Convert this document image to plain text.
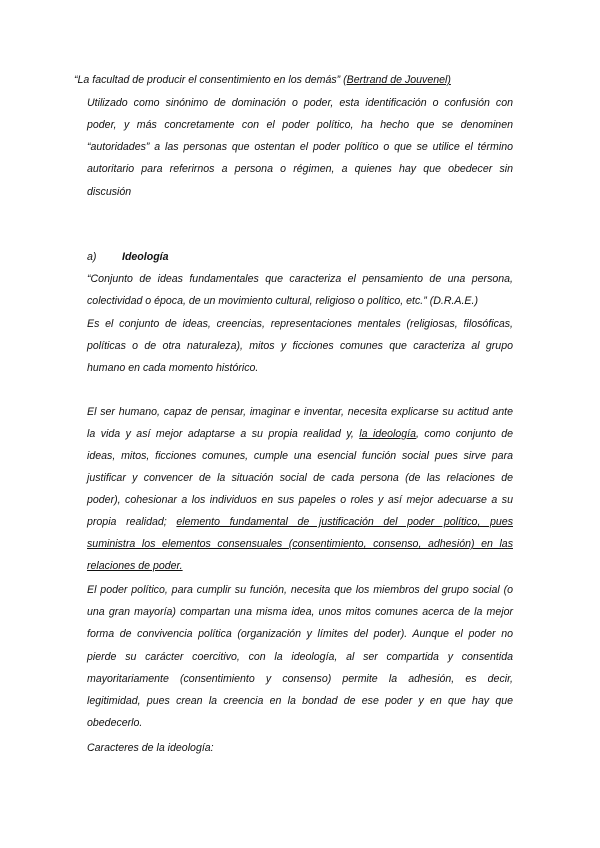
“La facultad de producir el consentimiento en los demás” (Bertrand de Jouvenel)
Utilizado como sinónimo de dominación o poder, esta identificación o confusión con
poder, y más concretamente con el poder político, ha hecho que se denominen
“autoridades” a las personas que ostentan el poder político o que se utilice el término
autoritario para referirnos a persona o régimen, a quienes hay que obedecer sin
discusión
a) Ideología
“Conjunto de ideas fundamentales que caracteriza el pensamiento de una persona,
colectividad o época, de un movimiento cultural, religioso o político, etc.” (D.R.A.E.)
Es el conjunto de ideas, creencias, representaciones mentales (religiosas, filosóficas,
políticas o de otra naturaleza), mitos y ficciones comunes que caracteriza al grupo
humano en cada momento histórico.
El ser humano, capaz de pensar, imaginar e inventar, necesita explicarse su actitud ante
la vida y así mejor adaptarse a su propia realidad y, la ideología, como conjunto de
ideas, mitos, ficciones comunes, cumple una esencial función social pues sirve para
justificar y convencer de la situación social de cada persona (de las relaciones de
poder), cohesionar a los individuos en sus papeles o roles y así mejor adecuarse a su
propia realidad; elemento fundamental de justificación del poder político, pues
suministra los elementos consensuales (consentimiento, consenso, adhesión) en las
relaciones de poder.
El poder político, para cumplir su función, necesita que los miembros del grupo social (o
una gran mayoría) compartan una misma idea, unos mitos comunes acerca de la mejor
forma de convivencia política (organización y límites del poder). Aunque el poder no
pierde su carácter coercitivo, con la ideología, al ser compartida y consentida
mayoritariamente (consentimiento y consenso) permite la adhesión, es decir,
legitimidad, pues crean la creencia en la bondad de ese poder y en que hay que
obedecerlo.
Caracteres de la ideología:
